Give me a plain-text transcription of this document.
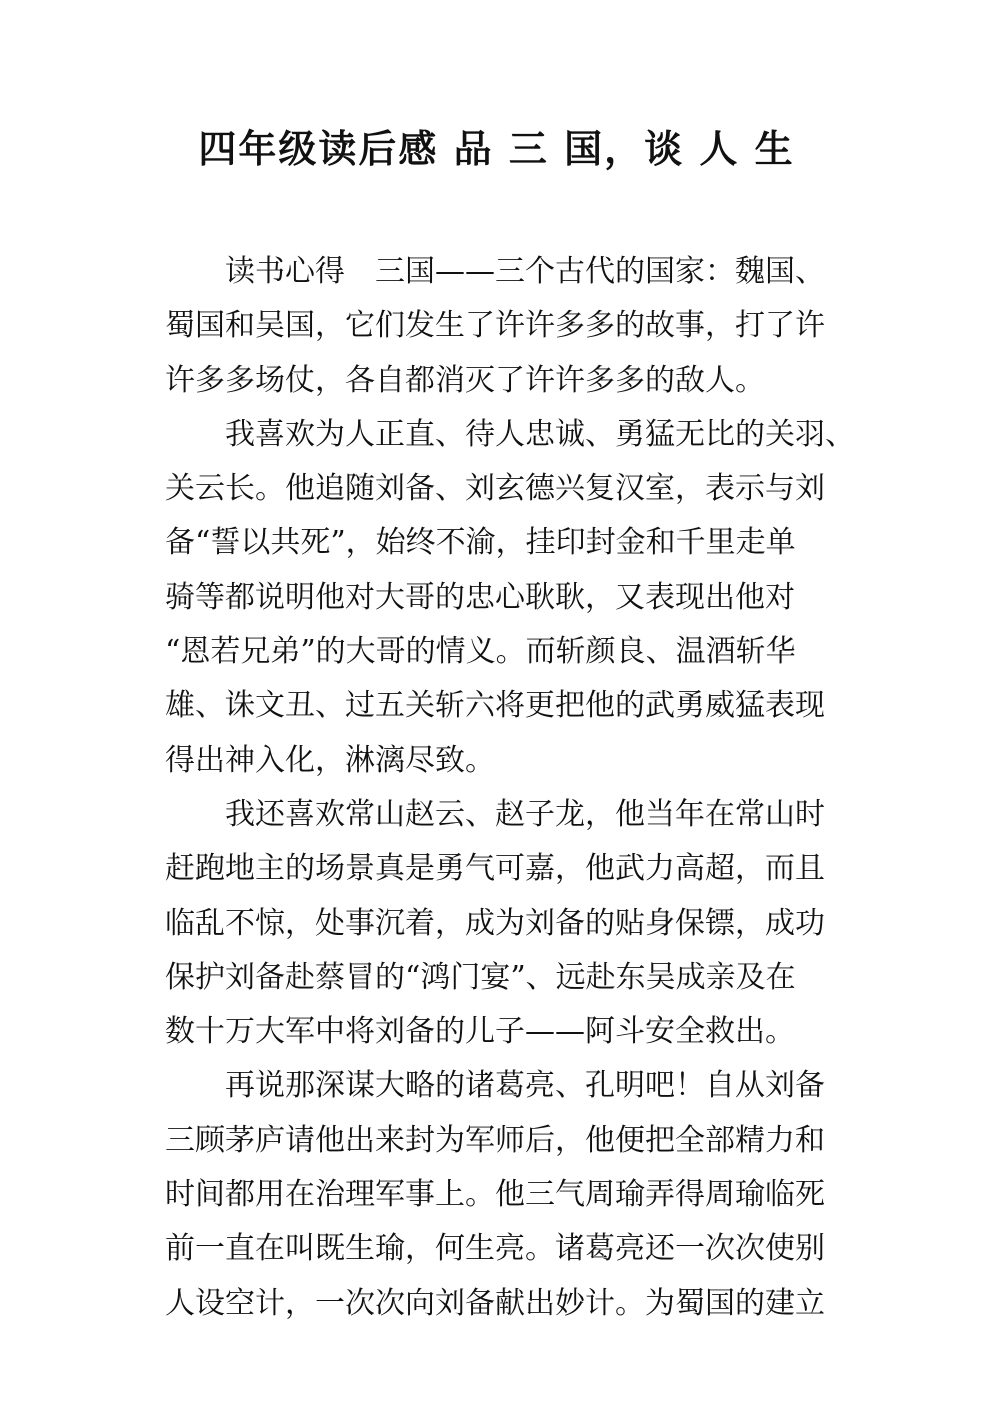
四年级读后感 品 三 国，谈 人 生
读书心得　三国——三个古代的国家：魏国、
蜀国和吴国，它们发生了许许多多的故事，打了许
许多多场仗，各自都消灭了许许多多的敌人。
我喜欢为人正直、待人忠诚、勇猛无比的关羽、
关云长。他追随刘备、刘玄德兴复汉室，表示与刘
备“誓以共死”，始终不渝，挂印封金和千里走单
骑等都说明他对大哥的忠心耿耿，又表现出他对
“恩若兄弟”的大哥的情义。而斩颜良、温酒斩华
雄、诛文丑、过五关斩六将更把他的武勇威猛表现
得出神入化，淋漓尽致。
我还喜欢常山赵云、赵子龙，他当年在常山时
赶跑地主的场景真是勇气可嘉，他武力高超，而且
临乱不惊，处事沉着，成为刘备的贴身保镖，成功
保护刘备赴蔡冒的“鸿门宴”、远赴东吴成亲及在
数十万大军中将刘备的儿子——阿斗安全救出。
再说那深谋大略的诸葛亮、孔明吧！自从刘备
三顾茅庐请他出来封为军师后，他便把全部精力和
时间都用在治理军事上。他三气周瑜弄得周瑜临死
前一直在叫既生瑜，何生亮。诸葛亮还一次次使别
人设空计，一次次向刘备献出妙计。为蜀国的建立
